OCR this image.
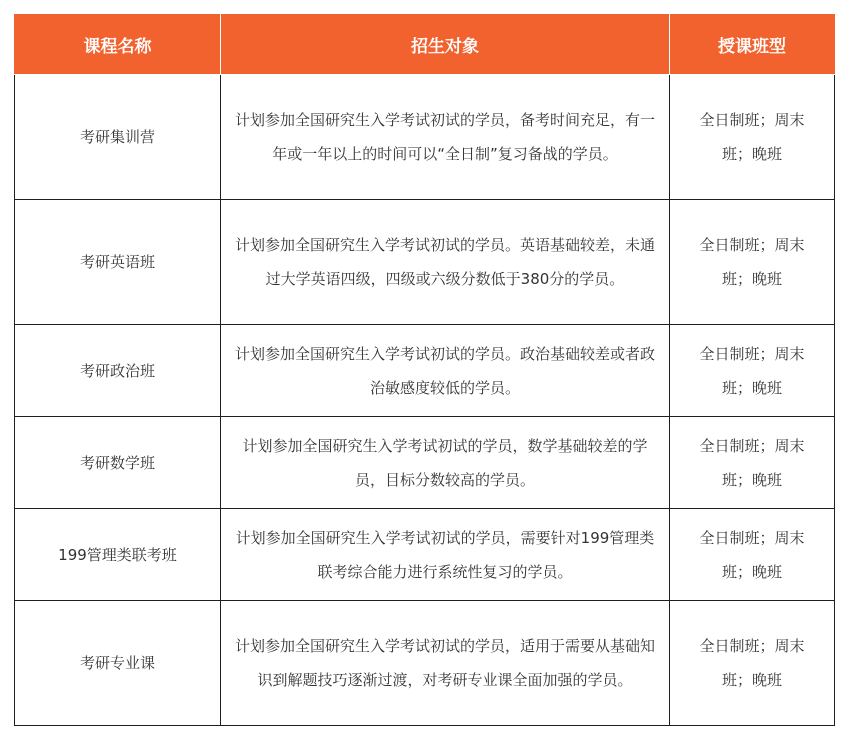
课程名称	招生对象	授课班型
考研集训营	计划参加全国研究生入学考试初试的学员，备考时间充足，有一年或一年以上的时间可以“全日制”复习备战的学员。	全日制班；周末班；晚班
考研英语班	计划参加全国研究生入学考试初试的学员。英语基础较差，未通过大学英语四级，四级或六级分数低于380分的学员。	全日制班；周末班；晚班
考研政治班	计划参加全国研究生入学考试初试的学员。政治基础较差或者政治敏感度较低的学员。	全日制班；周末班；晚班
考研数学班	计划参加全国研究生入学考试初试的学员，数学基础较差的学员，目标分数较高的学员。	全日制班；周末班；晚班
199管理类联考班	计划参加全国研究生入学考试初试的学员，需要针对199管理类联考综合能力进行系统性复习的学员。	全日制班；周末班；晚班
考研专业课	计划参加全国研究生入学考试初试的学员，适用于需要从基础知识到解题技巧逐渐过渡，对考研专业课全面加强的学员。	全日制班；周末班；晚班
